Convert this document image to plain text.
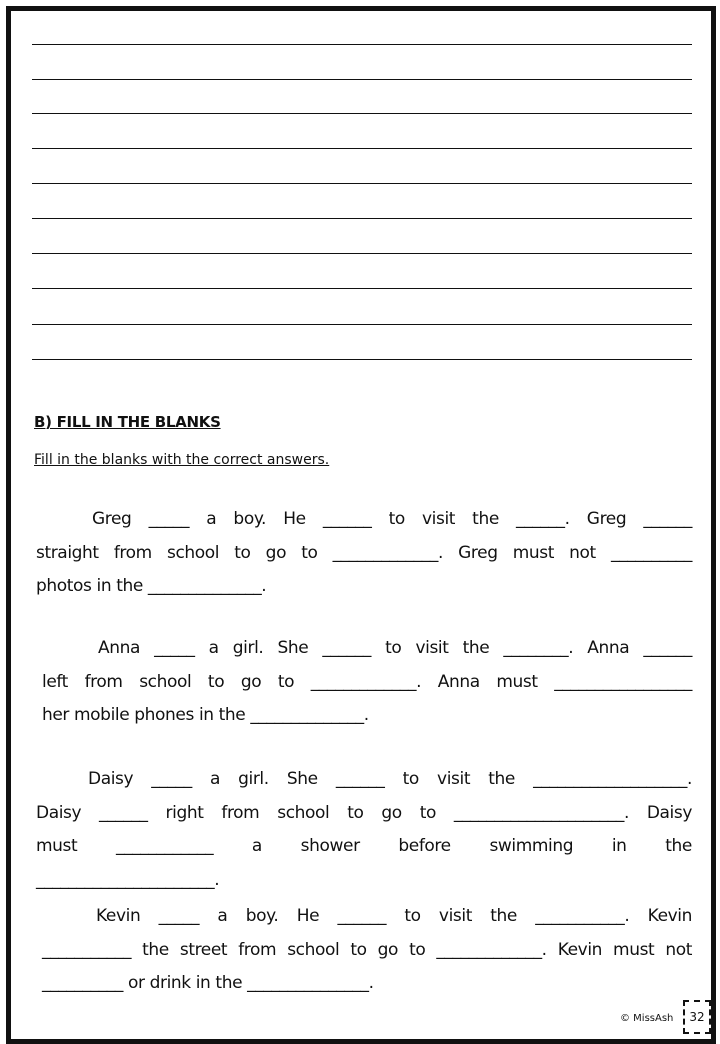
B) FILL IN THE BLANKS
Fill in the blanks with the correct answers.
Greg _____ a boy. He ______ to visit the ______. Greg ______
straight from school to go to _____________. Greg must not __________
photos in the ______________.
Anna _____ a girl. She ______ to visit the ________. Anna ______
left from school to go to _____________. Anna must _________________
her mobile phones in the ______________.
Daisy _____ a girl. She ______ to visit the ___________________.
Daisy ______ right from school to go to _____________________. Daisy
must ____________ a shower before swimming in the
______________________.
Kevin _____ a boy. He ______ to visit the ___________. Kevin
___________ the street from school to go to _____________. Kevin must not
__________ or drink in the _______________.
© MissAsh	32
